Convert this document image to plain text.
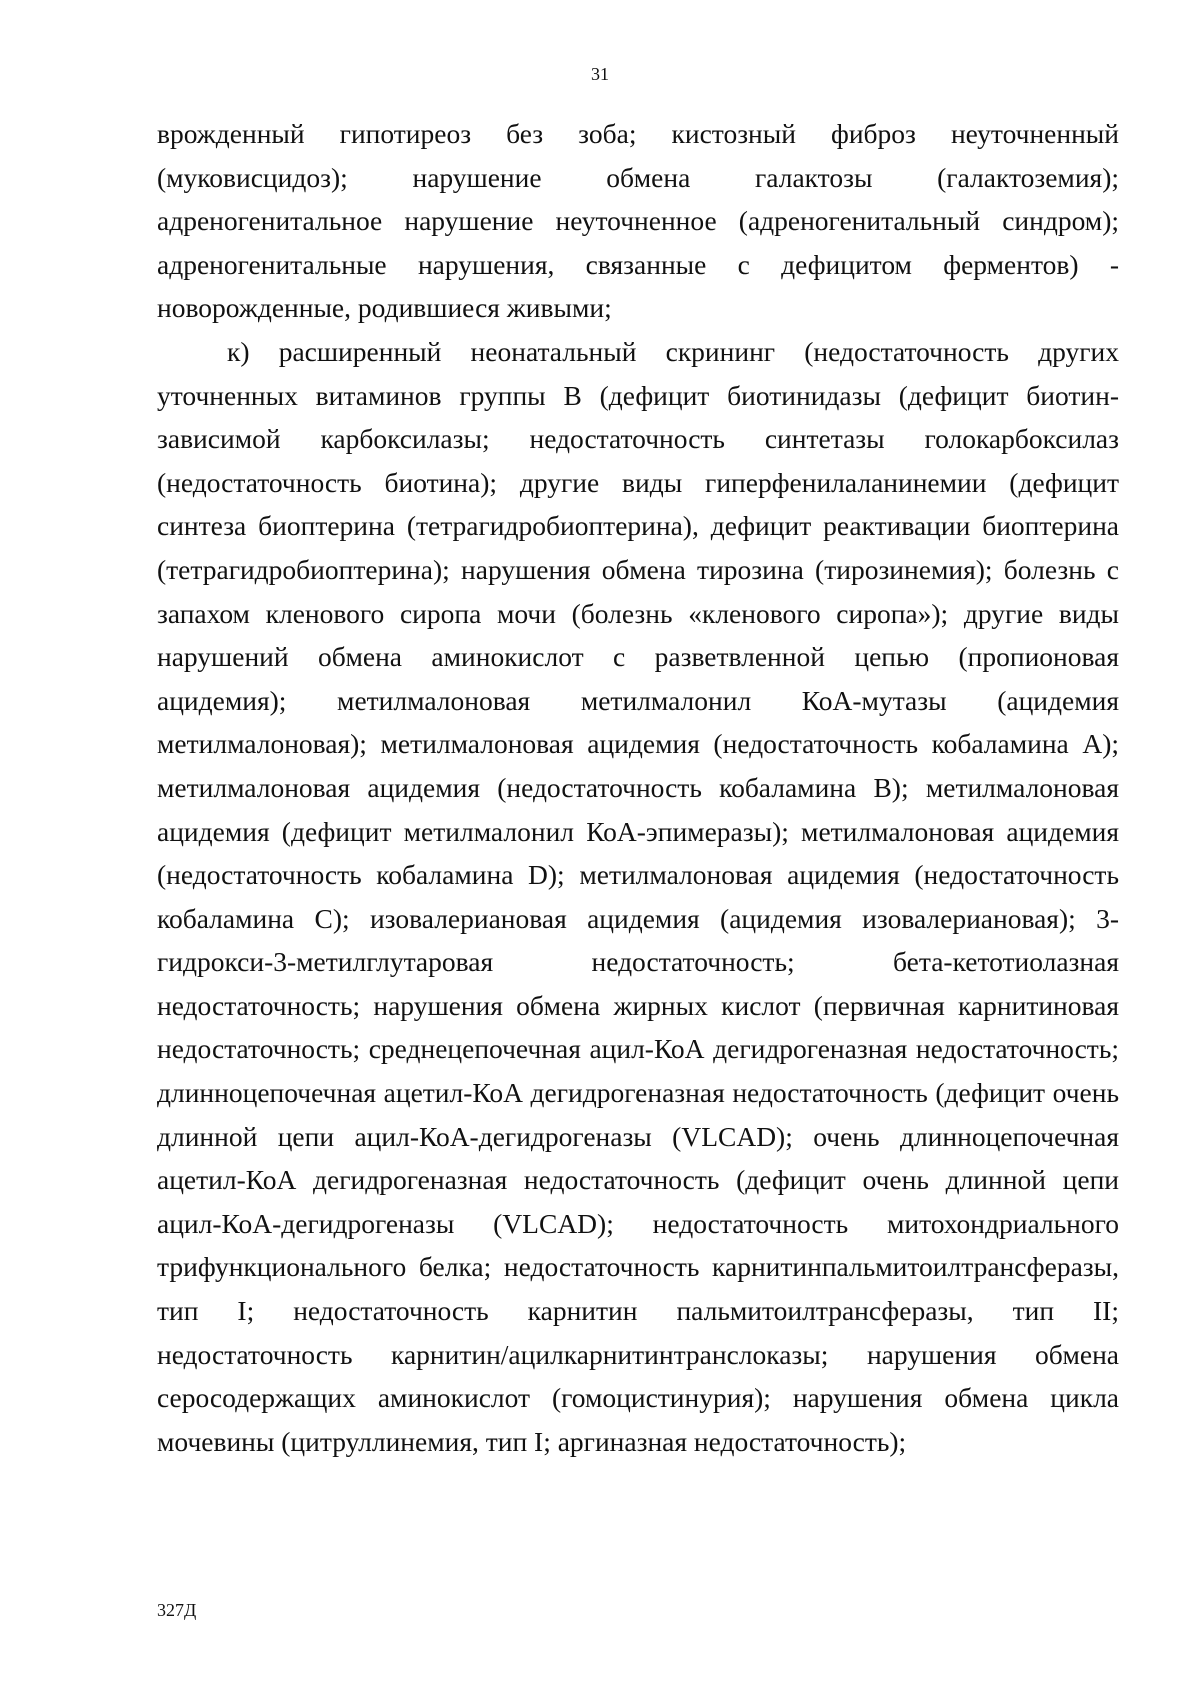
31

врожденный гипотиреоз без зоба; кистозный фиброз неуточненный (муковисцидоз); нарушение обмена галактозы (галактоземия); адреногенитальное нарушение неуточненное (адреногенитальный синдром); адреногенитальные нарушения, связанные с дефицитом ферментов) - новорожденные, родившиеся живыми;

к) расширенный неонатальный скрининг (недостаточность других уточненных витаминов группы В (дефицит биотинидазы (дефицит биотин-зависимой карбоксилазы; недостаточность синтетазы голокарбоксилаз (недостаточность биотина); другие виды гиперфенилаланинемии (дефицит синтеза биоптерина (тетрагидробиоптерина), дефицит реактивации биоптерина (тетрагидробиоптерина); нарушения обмена тирозина (тирозинемия); болезнь с запахом кленового сиропа мочи (болезнь «кленового сиропа»); другие виды нарушений обмена аминокислот с разветвленной цепью (пропионовая ацидемия); метилмалоновая метилмалонил КоА-мутазы (ацидемия метилмалоновая); метилмалоновая ацидемия (недостаточность кобаламина А); метилмалоновая ацидемия (недостаточность кобаламина В); метилмалоновая ацидемия (дефицит метилмалонил КоА-эпимеразы); метилмалоновая ацидемия (недостаточность кобаламина D); метилмалоновая ацидемия (недостаточность кобаламина С); изовалериановая ацидемия (ацидемия изовалериановая); 3-гидрокси-3-метилглутаровая недостаточность; бета-кетотиолазная недостаточность; нарушения обмена жирных кислот (первичная карнитиновая недостаточность; среднецепочечная ацил-КоА дегидрогеназная недостаточность; длинноцепочечная ацетил-КоА дегидрогеназная недостаточность (дефицит очень длинной цепи ацил-КоА-дегидрогеназы (VLCAD); очень длинноцепочечная ацетил-КоА дегидрогеназная недостаточность (дефицит очень длинной цепи ацил-КоА-дегидрогеназы (VLCAD); недостаточность митохондриального трифункционального белка; недостаточность карнитинпальмитоилтрансферазы, тип I; недостаточность карнитин пальмитоилтрансферазы, тип II; недостаточность карнитин/ацилкарнитинтранслоказы; нарушения обмена серосодержащих аминокислот (гомоцистинурия); нарушения обмена цикла мочевины (цитруллинемия, тип I; аргиназная недостаточность);

327Д
